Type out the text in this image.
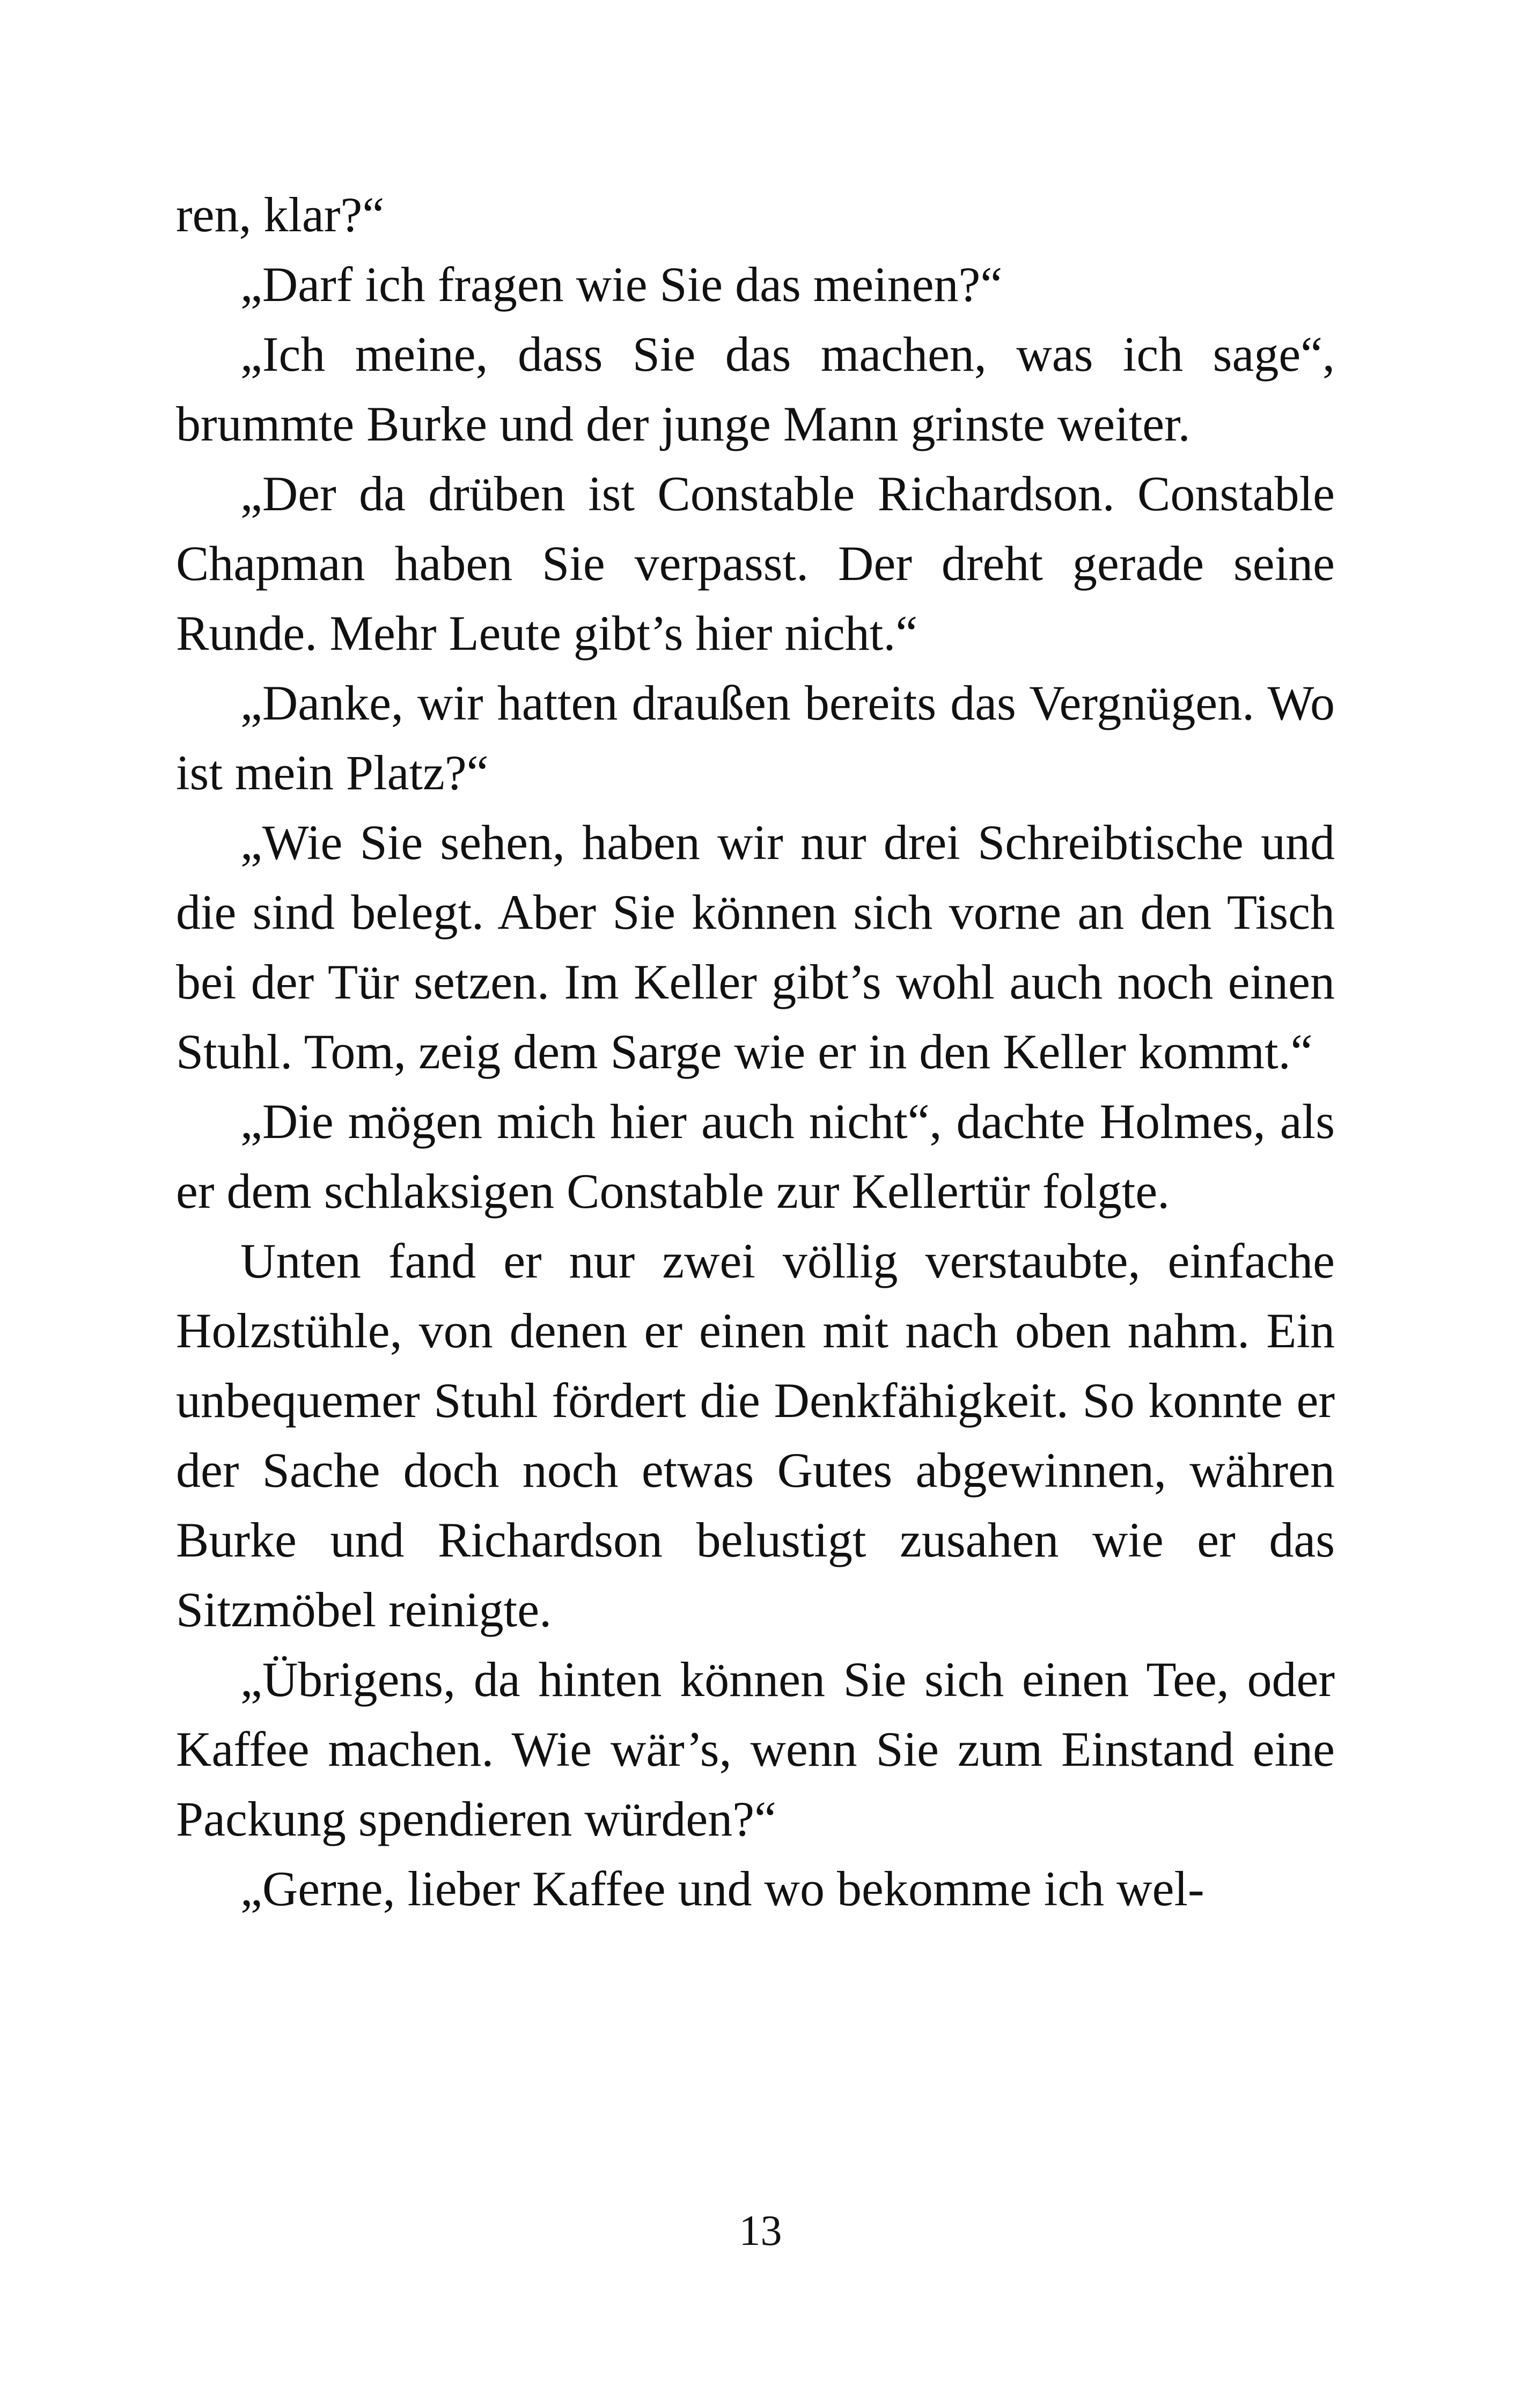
ren, klar?“

„Darf ich fragen wie Sie das meinen?“

„Ich meine, dass Sie das machen, was ich sage“, brummte Burke und der junge Mann grinste weiter.

„Der da drüben ist Constable Richardson. Constable Chapman haben Sie verpasst. Der dreht gerade seine Runde. Mehr Leute gibt’s hier nicht.“

„Danke, wir hatten draußen bereits das Vergnügen. Wo ist mein Platz?“

„Wie Sie sehen, haben wir nur drei Schreibtische und die sind belegt. Aber Sie können sich vorne an den Tisch bei der Tür setzen. Im Keller gibt’s wohl auch noch einen Stuhl. Tom, zeig dem Sarge wie er in den Keller kommt.“

„Die mögen mich hier auch nicht“, dachte Holmes, als er dem schlaksigen Constable zur Kellertür folgte.

Unten fand er nur zwei völlig verstaubte, einfache Holzstühle, von denen er einen mit nach oben nahm. Ein unbequemer Stuhl fördert die Denkfähigkeit. So konnte er der Sache doch noch etwas Gutes abgewinnen, währen Burke und Richardson belustigt zusahen wie er das Sitzmöbel reinigte.

„Übrigens, da hinten können Sie sich einen Tee, oder Kaffee machen. Wie wär’s, wenn Sie zum Einstand eine Packung spendieren würden?“

„Gerne, lieber Kaffee und wo bekomme ich wel-

13
